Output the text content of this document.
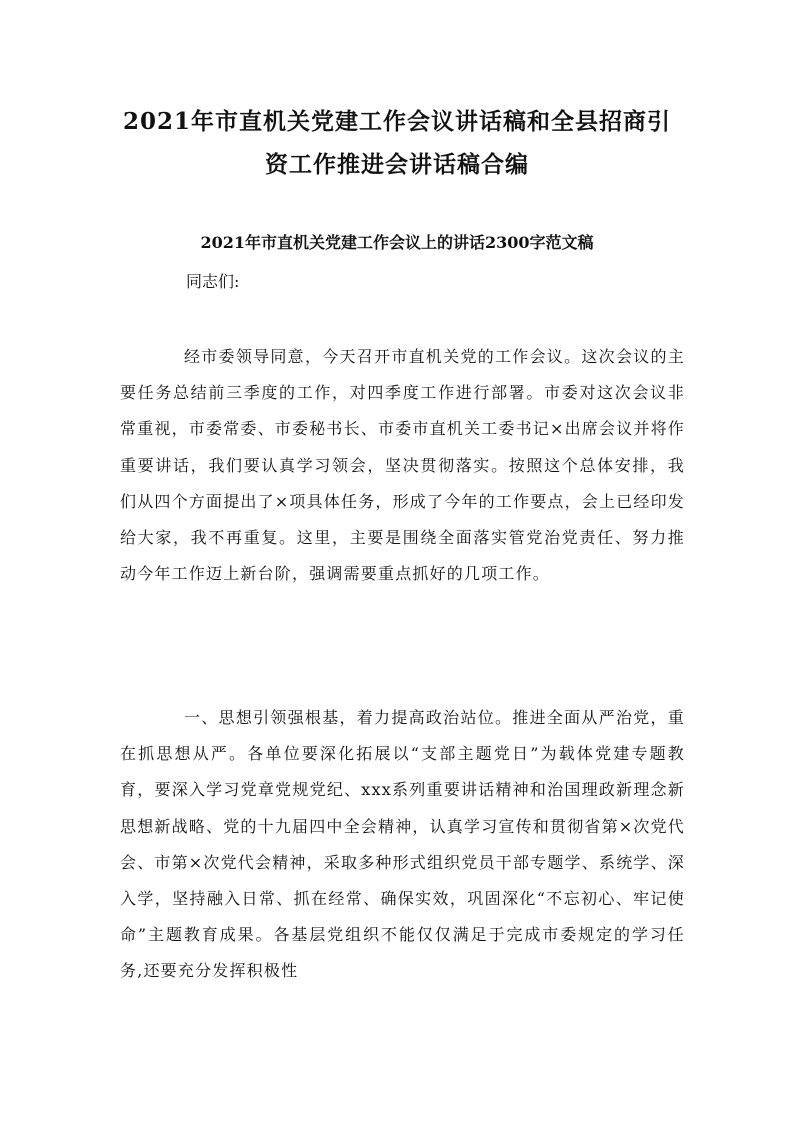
2021年市直机关党建工作会议讲话稿和全县招商引
资工作推进会讲话稿合编
2021年市直机关党建工作会议上的讲话2300字范文稿

同志们:

经市委领导同意，今天召开市直机关党的工作会议。这次会议的主要任务总结前三季度的工作，对四季度工作进行部署。市委对这次会议非常重视，市委常委、市委秘书长、市委市直机关工委书记×出席会议并将作重要讲话，我们要认真学习领会，坚决贯彻落实。按照这个总体安排，我们从四个方面提出了×项具体任务，形成了今年的工作要点，会上已经印发给大家，我不再重复。这里，主要是围绕全面落实管党治党责任、努力推动今年工作迈上新台阶，强调需要重点抓好的几项工作。

一、思想引领强根基，着力提高政治站位。推进全面从严治党，重在抓思想从严。各单位要深化拓展以“支部主题党日”为载体党建专题教育，要深入学习党章党规党纪、xxx系列重要讲话精神和治国理政新理念新思想新战略、党的十九届四中全会精神，认真学习宣传和贯彻省第×次党代会、市第×次党代会精神，采取多种形式组织党员干部专题学、系统学、深入学，坚持融入日常、抓在经常、确保实效，巩固深化“不忘初心、牢记使命”主题教育成果。各基层党组织不能仅仅满足于完成市委规定的学习任务,还要充分发挥积极性
